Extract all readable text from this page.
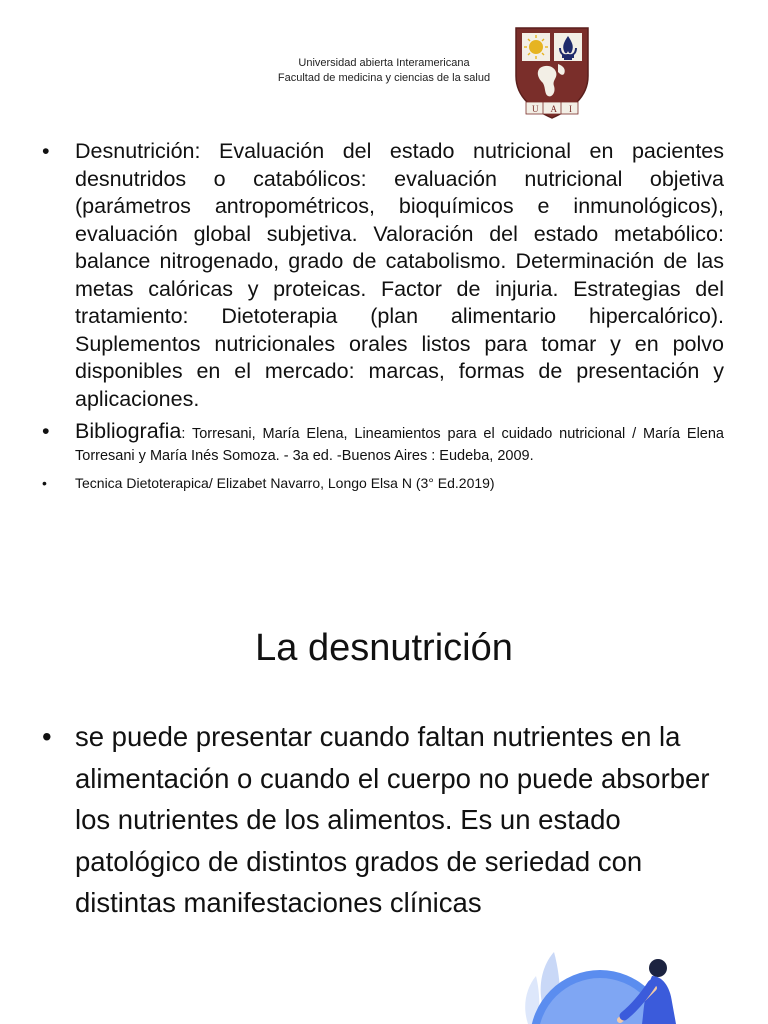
Universidad abierta Interamericana
Facultad de medicina y ciencias de la salud
U A I
• Desnutrición: Evaluación del estado nutricional en pacientes desnutridos o catabólicos: evaluación nutricional objetiva (parámetros antropométricos, bioquímicos e inmunológicos), evaluación global subjetiva. Valoración del estado metabólico: balance nitrogenado, grado de catabolismo. Determinación de las metas calóricas y proteicas. Factor de injuria. Estrategias del tratamiento: Dietoterapia (plan alimentario hipercalórico). Suplementos nutricionales orales listos para tomar y en polvo disponibles en el mercado: marcas, formas de presentación y aplicaciones.
• Bibliografia: Torresani, María Elena, Lineamientos para el cuidado nutricional / María Elena Torresani y María Inés Somoza. - 3a ed. -Buenos Aires : Eudeba, 2009.
• Tecnica Dietoterapica/ Elizabet Navarro, Longo Elsa N (3° Ed.2019)
La desnutrición
• se puede presentar cuando faltan nutrientes en la alimentación o cuando el cuerpo no puede absorber los nutrientes de los alimentos. Es un estado patológico de distintos grados de seriedad con distintas manifestaciones clínicas
